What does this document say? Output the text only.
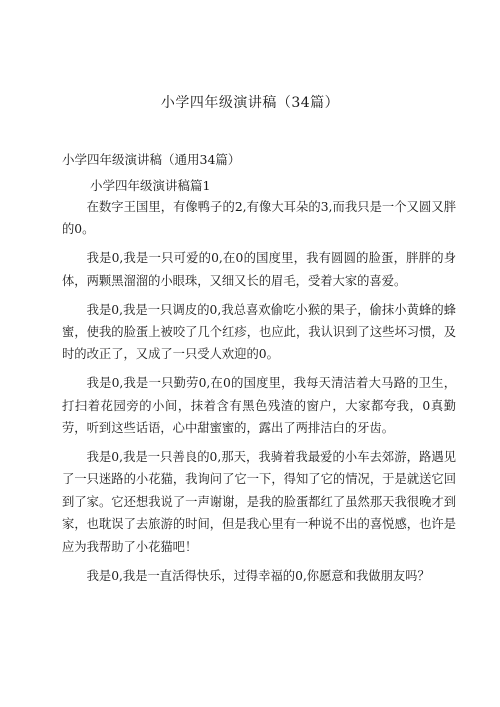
小学四年级演讲稿（34篇）
小学四年级演讲稿（通用34篇）
小学四年级演讲稿篇1

在数字王国里，有像鸭子的2,有像大耳朵的3,而我只是一个又圆又胖的0。

我是0,我是一只可爱的0,在0的国度里，我有圆圆的脸蛋，胖胖的身体，两颗黑溜溜的小眼珠，又细又长的眉毛，受着大家的喜爱。

我是0,我是一只调皮的0,我总喜欢偷吃小猴的果子，偷抹小黄蜂的蜂蜜，使我的脸蛋上被咬了几个红疹，也应此，我认识到了这些坏习惯，及时的改正了，又成了一只受人欢迎的0。

我是0,我是一只勤劳0,在0的国度里，我每天清洁着大马路的卫生，打扫着花园旁的小间，抹着含有黑色残渣的窗户，大家都夸我，0真勤劳，听到这些话语，心中甜蜜蜜的，露出了两排洁白的牙齿。

我是0,我是一只善良的0,那天，我骑着我最爱的小车去郊游，路遇见了一只迷路的小花猫，我询问了它一下，得知了它的情况，于是就送它回到了家。它还想我说了一声谢谢，是我的脸蛋都红了虽然那天我很晚才到家，也耽误了去旅游的时间，但是我心里有一种说不出的喜悦感，也许是应为我帮助了小花猫吧！

我是0,我是一直活得快乐，过得幸福的0,你愿意和我做朋友吗？
